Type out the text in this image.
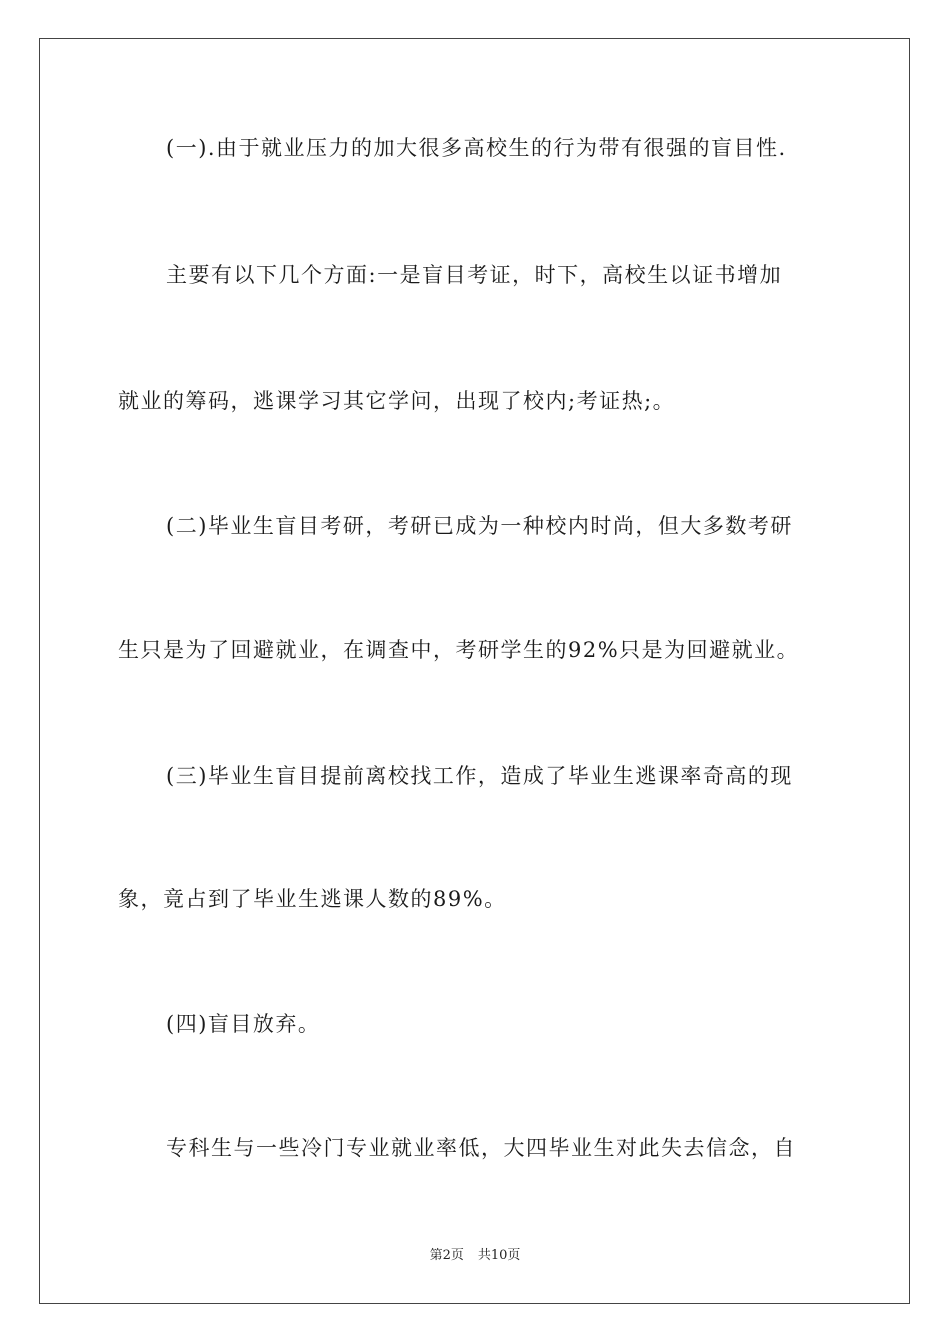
(一).由于就业压力的加大很多高校生的行为带有很强的盲目性.
主要有以下几个方面:一是盲目考证，时下，高校生以证书增加
就业的筹码，逃课学习其它学问，出现了校内;考证热;。
(二)毕业生盲目考研，考研已成为一种校内时尚，但大多数考研
生只是为了回避就业，在调查中，考研学生的92%只是为回避就业。
(三)毕业生盲目提前离校找工作，造成了毕业生逃课率奇高的现
象，竟占到了毕业生逃课人数的89%。
(四)盲目放弃。
专科生与一些冷门专业就业率低，大四毕业生对此失去信念，自
第2页 共10页
